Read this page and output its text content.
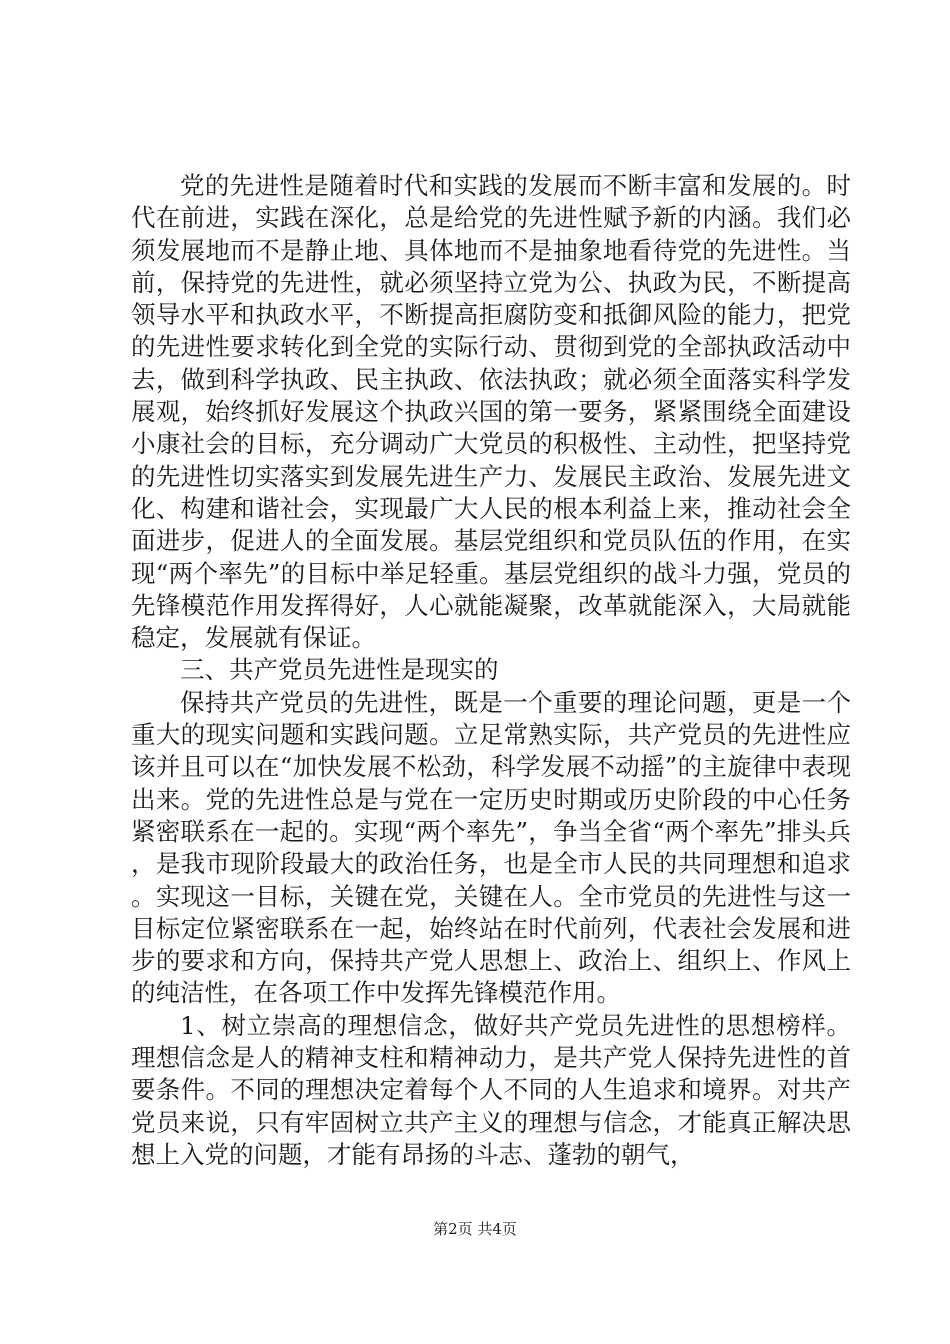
党的先进性是随着时代和实践的发展而不断丰富和发展的。时代在前进，实践在深化，总是给党的先进性赋予新的内涵。我们必须发展地而不是静止地、具体地而不是抽象地看待党的先进性。当前，保持党的先进性，就必须坚持立党为公、执政为民，不断提高领导水平和执政水平，不断提高拒腐防变和抵御风险的能力，把党的先进性要求转化到全党的实际行动、贯彻到党的全部执政活动中去，做到科学执政、民主执政、依法执政；就必须全面落实科学发展观，始终抓好发展这个执政兴国的第一要务，紧紧围绕全面建设小康社会的目标，充分调动广大党员的积极性、主动性，把坚持党的先进性切实落实到发展先进生产力、发展民主政治、发展先进文化、构建和谐社会，实现最广大人民的根本利益上来，推动社会全面进步，促进人的全面发展。基层党组织和党员队伍的作用，在实现“两个率先”的目标中举足轻重。基层党组织的战斗力强，党员的先锋模范作用发挥得好，人心就能凝聚，改革就能深入，大局就能稳定，发展就有保证。

三、共产党员先进性是现实的

保持共产党员的先进性，既是一个重要的理论问题，更是一个重大的现实问题和实践问题。立足常熟实际，共产党员的先进性应该并且可以在“加快发展不松劲，科学发展不动摇”的主旋律中表现出来。党的先进性总是与党在一定历史时期或历史阶段的中心任务紧密联系在一起的。实现“两个率先”，争当全省“两个率先”排头兵，是我市现阶段最大的政治任务，也是全市人民的共同理想和追求。实现这一目标，关键在党，关键在人。全市党员的先进性与这一目标定位紧密联系在一起，始终站在时代前列，代表社会发展和进步的要求和方向，保持共产党人思想上、政治上、组织上、作风上的纯洁性，在各项工作中发挥先锋模范作用。

1、树立崇高的理想信念，做好共产党员先进性的思想榜样。理想信念是人的精神支柱和精神动力，是共产党人保持先进性的首要条件。不同的理想决定着每个人不同的人生追求和境界。对共产党员来说，只有牢固树立共产主义的理想与信念，才能真正解决思想上入党的问题，才能有昂扬的斗志、蓬勃的朝气，

第2页 共4页
